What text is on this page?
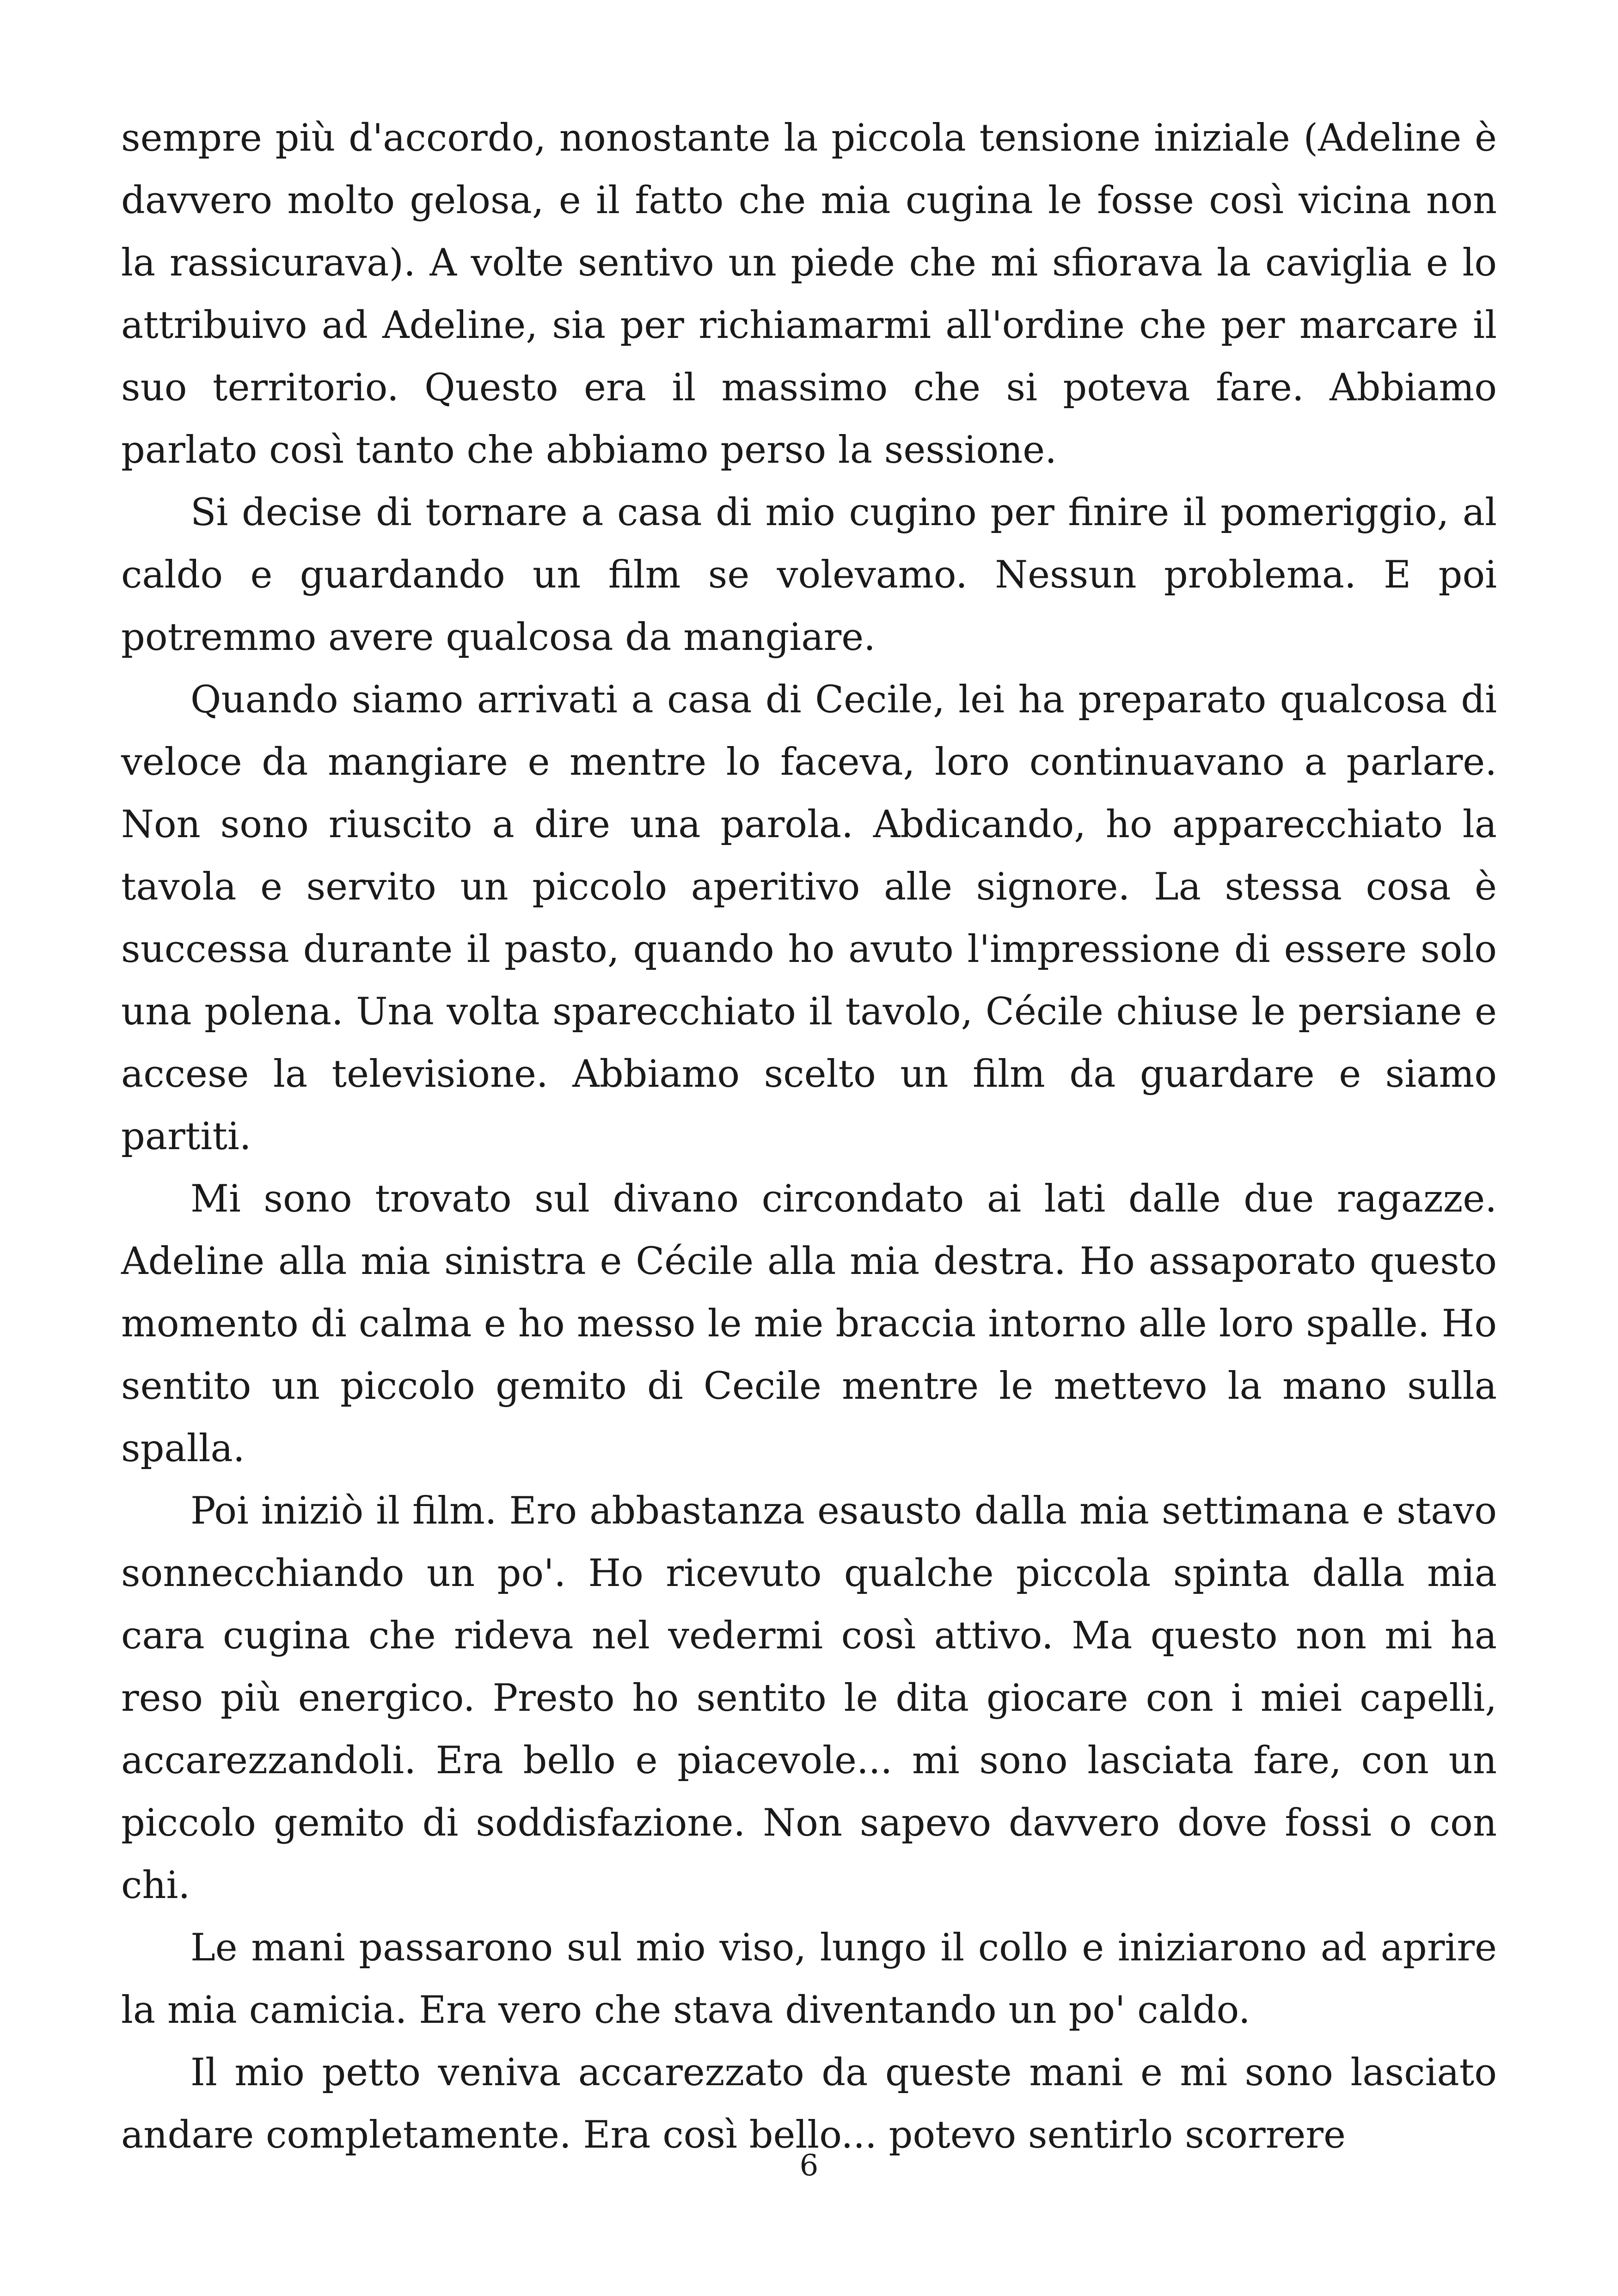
sempre più d'accordo, nonostante la piccola tensione iniziale (Adeline è davvero molto gelosa, e il fatto che mia cugina le fosse così vicina non la rassicurava). A volte sentivo un piede che mi sfiorava la caviglia e lo attribuivo ad Adeline, sia per richiamarmi all'ordine che per marcare il suo territorio. Questo era il massimo che si poteva fare. Abbiamo parlato così tanto che abbiamo perso la sessione.

Si decise di tornare a casa di mio cugino per finire il pomeriggio, al caldo e guardando un film se volevamo. Nessun problema. E poi potremmo avere qualcosa da mangiare.

Quando siamo arrivati a casa di Cecile, lei ha preparato qualcosa di veloce da mangiare e mentre lo faceva, loro continuavano a parlare. Non sono riuscito a dire una parola. Abdicando, ho apparecchiato la tavola e servito un piccolo aperitivo alle signore. La stessa cosa è successa durante il pasto, quando ho avuto l'impressione di essere solo una polena. Una volta sparecchiato il tavolo, Cécile chiuse le persiane e accese la televisione. Abbiamo scelto un film da guardare e siamo partiti.

Mi sono trovato sul divano circondato ai lati dalle due ragazze. Adeline alla mia sinistra e Cécile alla mia destra. Ho assaporato questo momento di calma e ho messo le mie braccia intorno alle loro spalle. Ho sentito un piccolo gemito di Cecile mentre le mettevo la mano sulla spalla.

Poi iniziò il film. Ero abbastanza esausto dalla mia settimana e stavo sonnecchiando un po'. Ho ricevuto qualche piccola spinta dalla mia cara cugina che rideva nel vedermi così attivo. Ma questo non mi ha reso più energico. Presto ho sentito le dita giocare con i miei capelli, accarezzandoli. Era bello e piacevole... mi sono lasciata fare, con un piccolo gemito di soddisfazione. Non sapevo davvero dove fossi o con chi.

Le mani passarono sul mio viso, lungo il collo e iniziarono ad aprire la mia camicia. Era vero che stava diventando un po' caldo.

Il mio petto veniva accarezzato da queste mani e mi sono lasciato andare completamente. Era così bello... potevo sentirlo scorrere

6
